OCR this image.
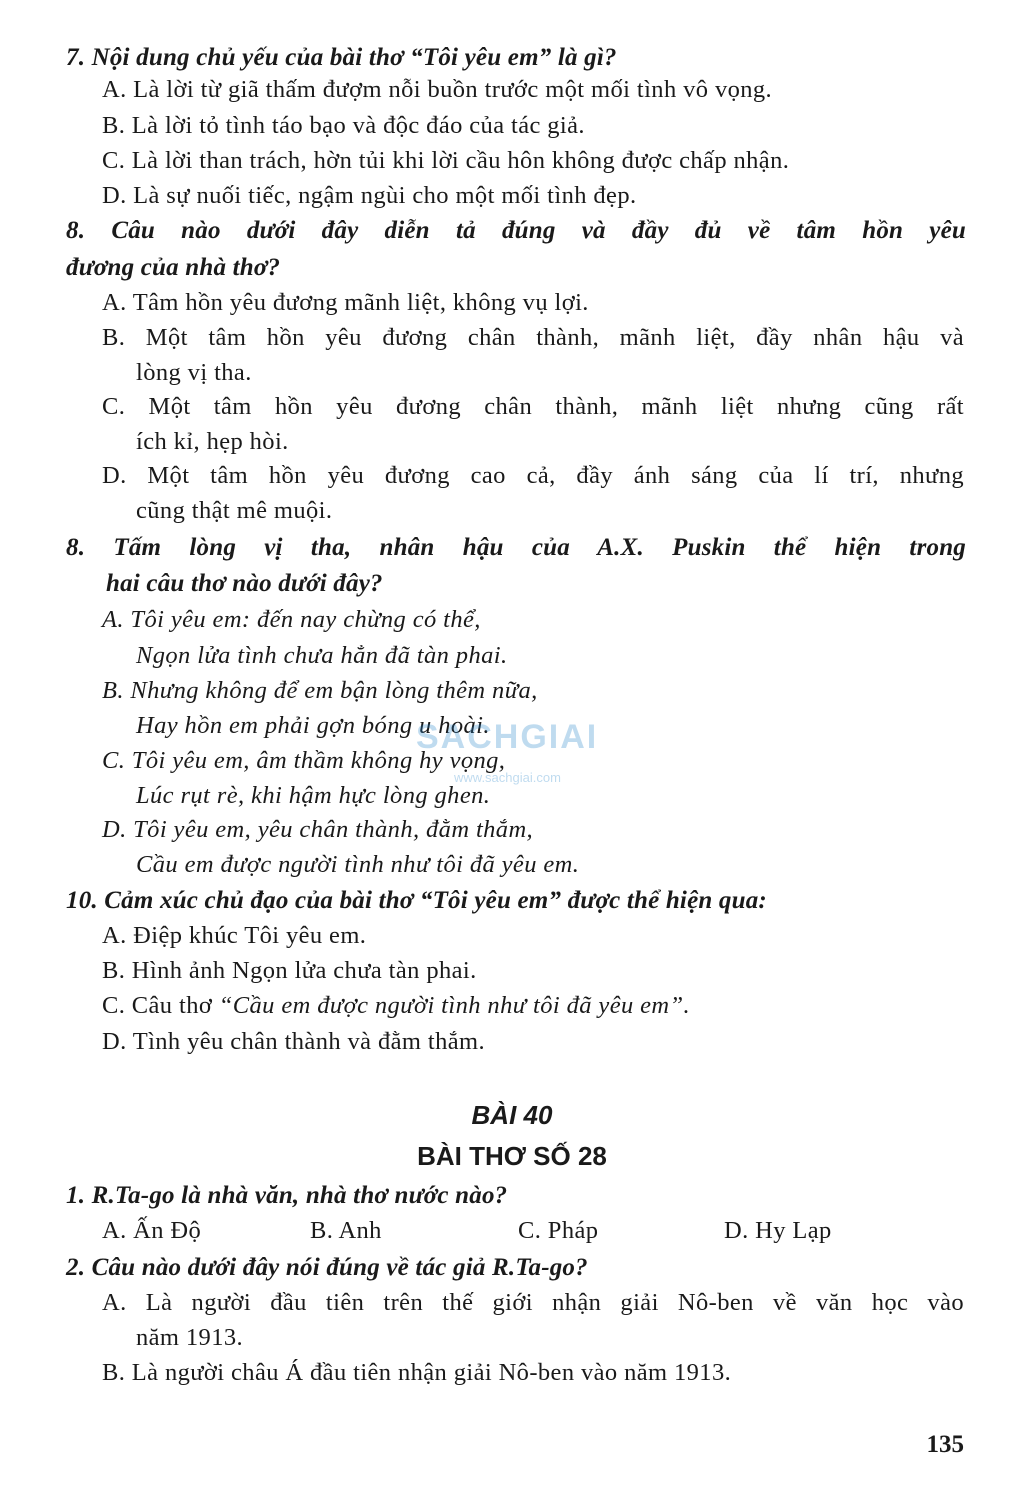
7. Nội dung chủ yếu của bài thơ “Tôi yêu em” là gì?

A. Là lời từ giã thấm đượm nỗi buồn trước một mối tình vô vọng.

B. Là lời tỏ tình táo bạo và độc đáo của tác giả.

C. Là lời than trách, hờn tủi khi lời cầu hôn không được chấp nhận.

D. Là sự nuối tiếc, ngậm ngùi cho một mối tình đẹp.

8. Câu nào dưới đây diễn tả đúng và đầy đủ về tâm hồn yêu

đương của nhà thơ?

A. Tâm hồn yêu đương mãnh liệt, không vụ lợi.

B. Một tâm hồn yêu đương chân thành, mãnh liệt, đầy nhân hậu và

lòng vị tha.

C. Một tâm hồn yêu đương chân thành, mãnh liệt nhưng cũng rất

ích kỉ, hẹp hòi.

D. Một tâm hồn yêu đương cao cả, đầy ánh sáng của lí trí, nhưng

cũng thật mê muội.

8. Tấm lòng vị tha, nhân hậu của A.X. Puskin thể hiện trong

hai câu thơ nào dưới đây?

A. Tôi yêu em: đến nay chừng có thể,

Ngọn lửa tình chưa hẳn đã tàn phai.

B. Nhưng không để em bận lòng thêm nữa,

Hay hồn em phải gợn bóng u hoài.

C. Tôi yêu em, âm thầm không hy vọng,

Lúc rụt rè, khi hậm hực lòng ghen.

D. Tôi yêu em, yêu chân thành, đằm thắm,

Cầu em được người tình như tôi đã yêu em.

10. Cảm xúc chủ đạo của bài thơ “Tôi yêu em” được thể hiện qua:

A. Điệp khúc Tôi yêu em.

B. Hình ảnh Ngọn lửa chưa tàn phai.

C. Câu thơ “Cầu em được người tình như tôi đã yêu em”.

D. Tình yêu chân thành và đằm thắm.

BÀI 40

BÀI THƠ SỐ 28

1. R.Ta-go là nhà văn, nhà thơ nước nào?

A. Ấn Độ	B. Anh	C. Pháp	D. Hy Lạp

2. Câu nào dưới đây nói đúng về tác giả R.Ta-go?

A. Là người đầu tiên trên thế giới nhận giải Nô-ben về văn học vào

năm 1913.

B. Là người châu Á đầu tiên nhận giải Nô-ben vào năm 1913.

SACHGIAI
www.sachgiai.com
135
